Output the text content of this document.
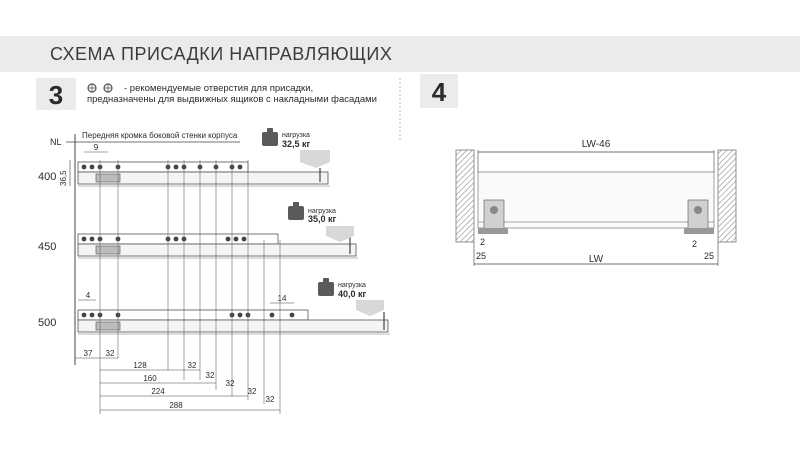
СХЕМА ПРИСАДКИ НАПРАВЛЯЮЩИХ
3	- рекомендуемые отверстия для присадки,
предназначены для выдвижных ящиков с накладными фасадами
NL
Передняя кромка боковой стенки корпуса
9
36,5
400
нагрузка
32,5 кг
450
нагрузка
35,0 кг
500
4	14
нагрузка
40,0 кг
37 32
128	32
160	32
32
224	32
288
32
4
LW-46
LW
2
25
2
25
